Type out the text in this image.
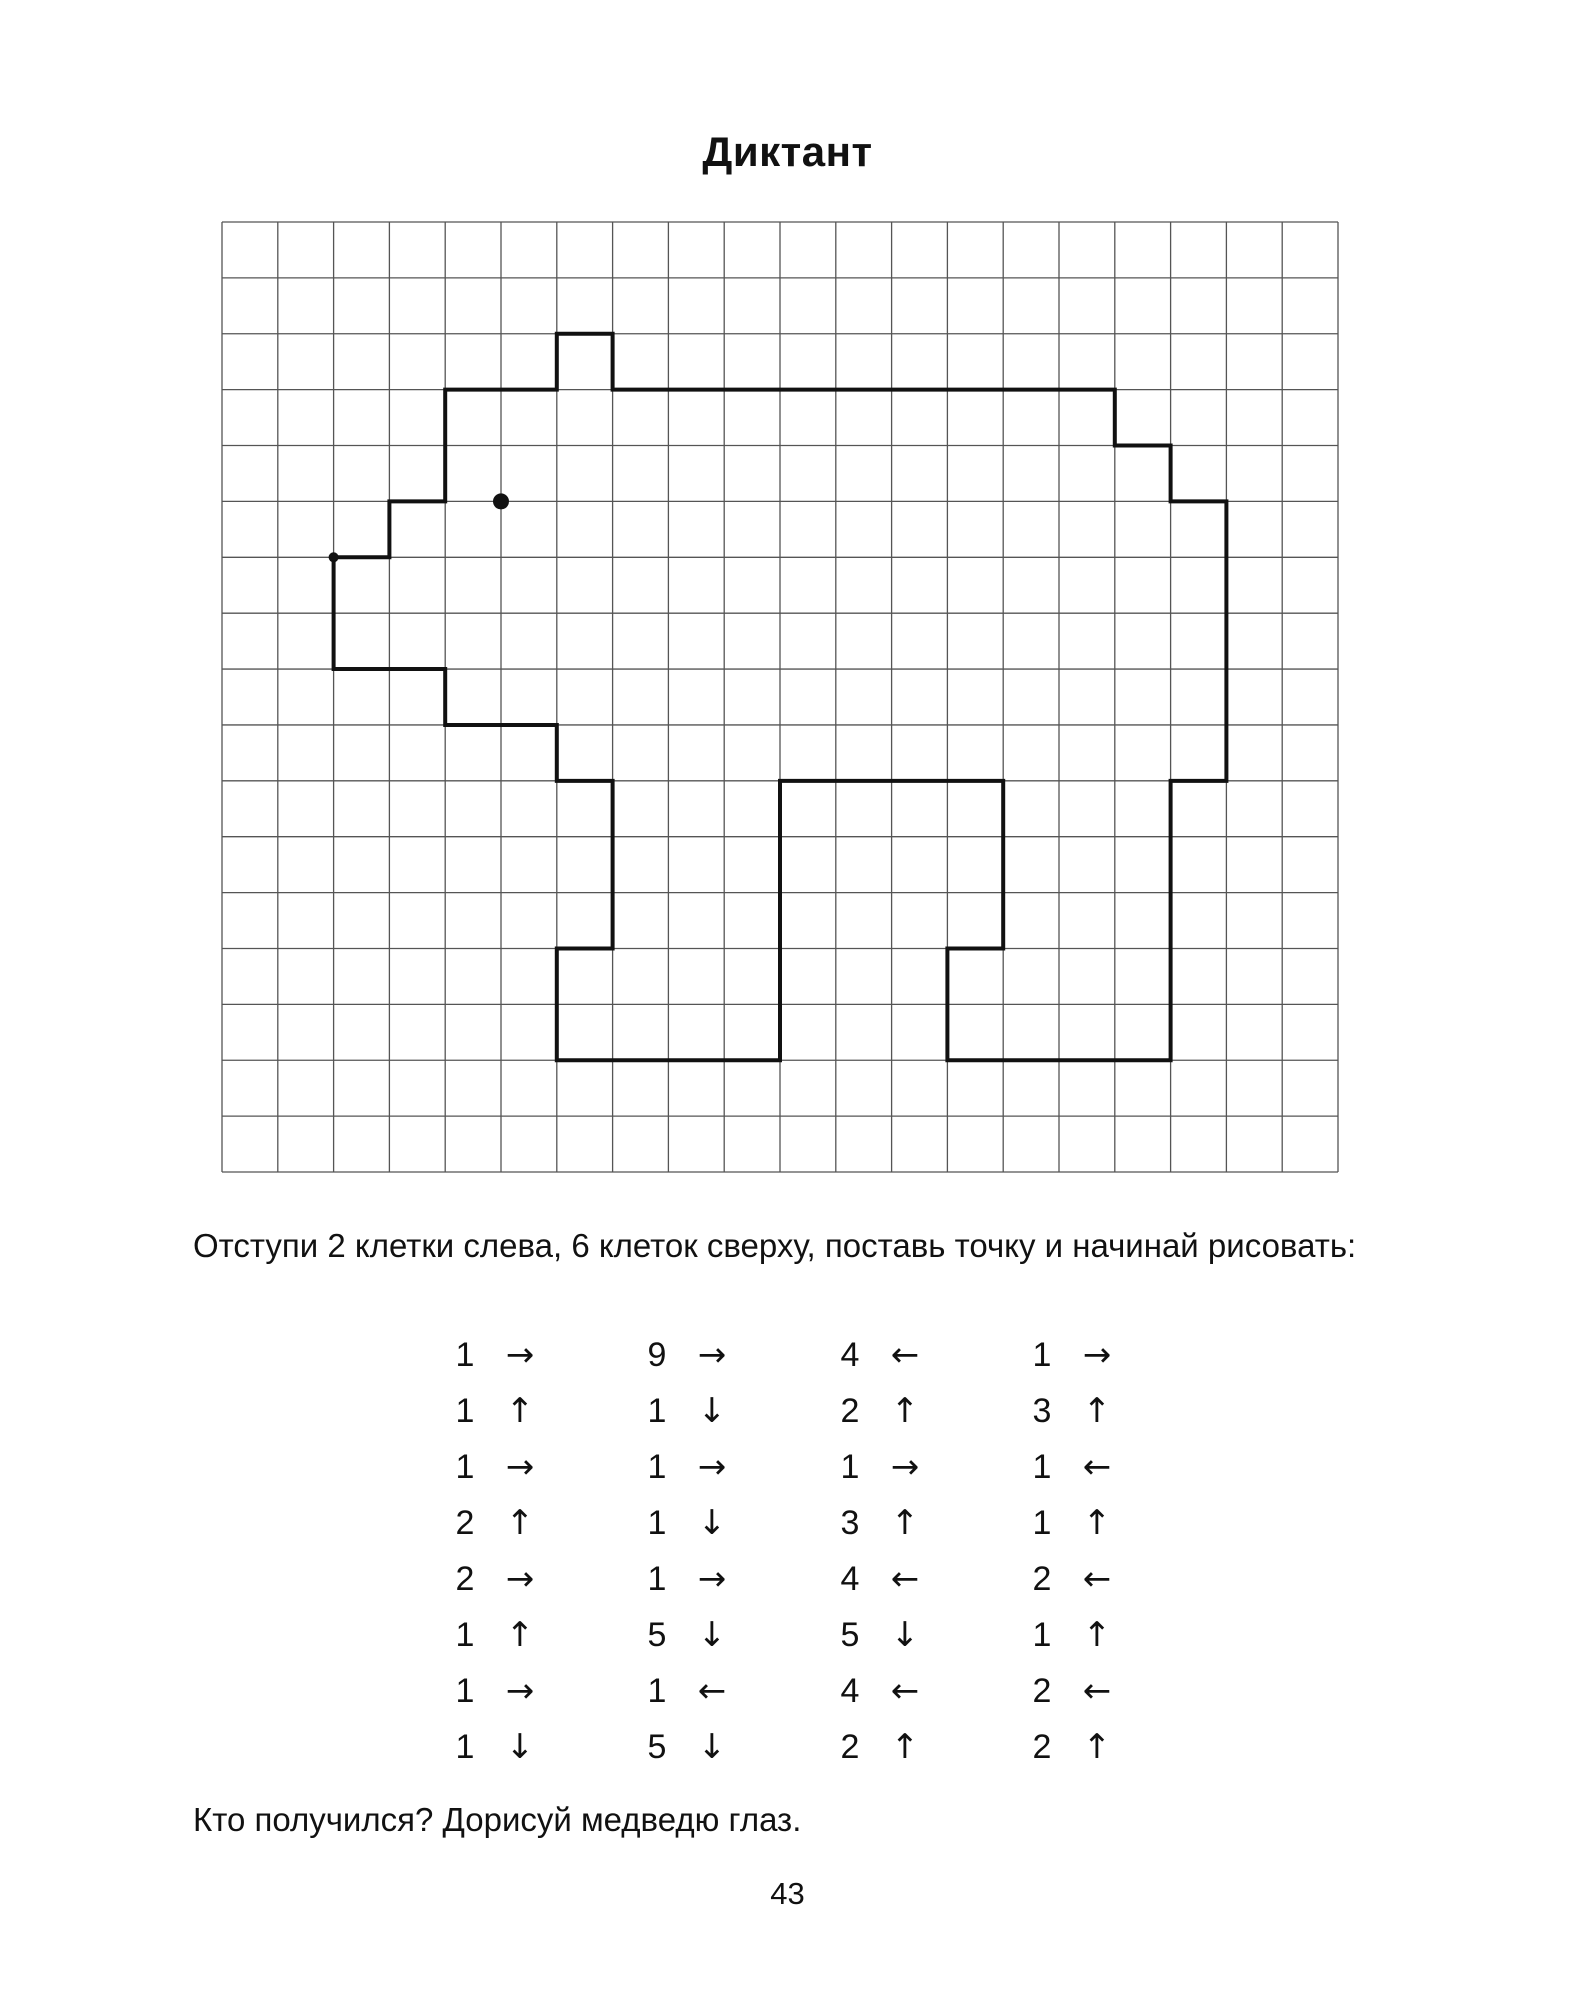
Диктант
Отступи 2 клетки слева, 6 клеток сверху, поставь точку и начинай рисовать:
1 →
1 ↑
1 →
2 ↑
2 →
1 ↑
1 →
1 ↓
9 →
1 ↓
1 →
1 ↓
1 →
5 ↓
1 ←
5 ↓
4 ←
2 ↑
1 →
3 ↑
4 ←
5 ↓
4 ←
2 ↑
1 →
3 ↑
1 ←
1 ↑
2 ←
1 ↑
2 ←
2 ↑
Кто получился? Дорисуй медведю глаз.
43
